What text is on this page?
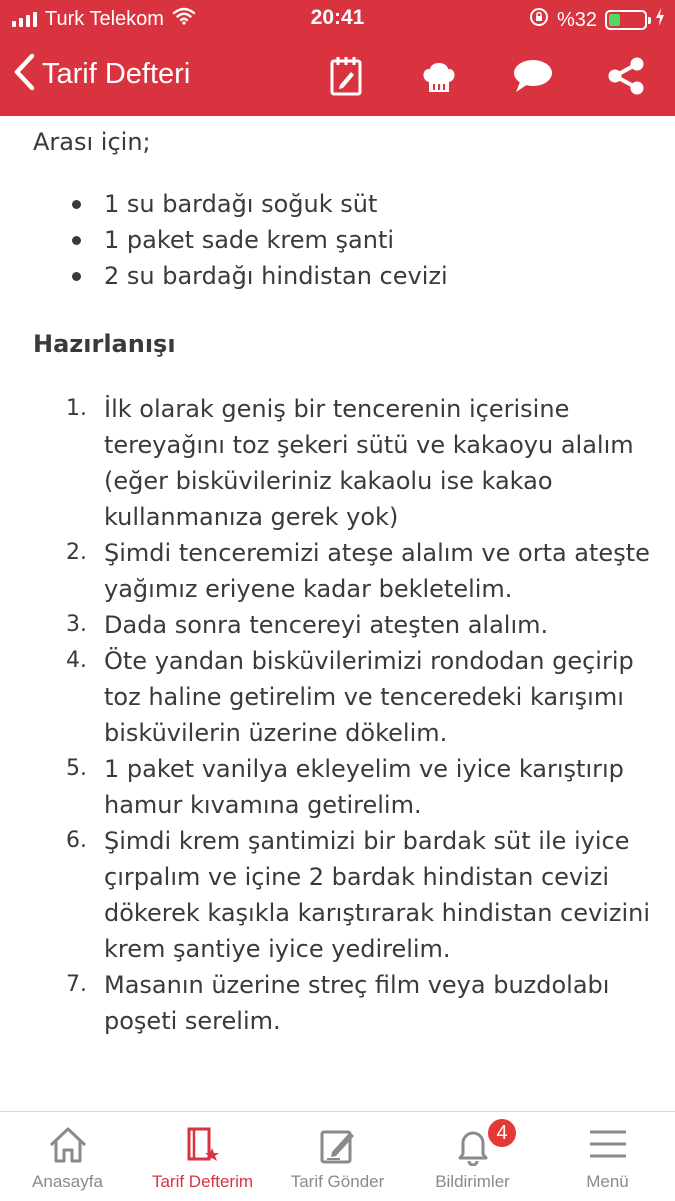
Turk Telekom	20:41	%32
Tarif Defteri
Arası için;
1 su bardağı soğuk süt
1 paket sade krem şanti
2 su bardağı hindistan cevizi
Hazırlanışı
1. İlk olarak geniş bir tencerenin içerisine tereyağını toz şekeri sütü ve kakaoyu alalım (eğer bisküvileriniz kakaolu ise kakao kullanmanıza gerek yok)
2. Şimdi tenceremizi ateşe alalım ve orta ateşte yağımız eriyene kadar bekletelim.
3. Dada sonra tencereyi ateşten alalım.
4. Öte yandan bisküvilerimizi rondodan geçirip toz haline getirelim ve tenceredeki karışımı bisküvilerin üzerine dökelim.
5. 1 paket vanilya ekleyelim ve iyice karıştırıp hamur kıvamına getirelim.
6. Şimdi krem şantimizi bir bardak süt ile iyice çırpalım ve içine 2 bardak hindistan cevizi dökerek kaşıkla karıştırarak hindistan cevizini krem şantiye iyice yedirelim.
7. Masanın üzerine streç film veya buzdolabı poşeti serelim.
Anasayfa	Tarif Defterim	Tarif Gönder
4
Bildirimler	Menü
